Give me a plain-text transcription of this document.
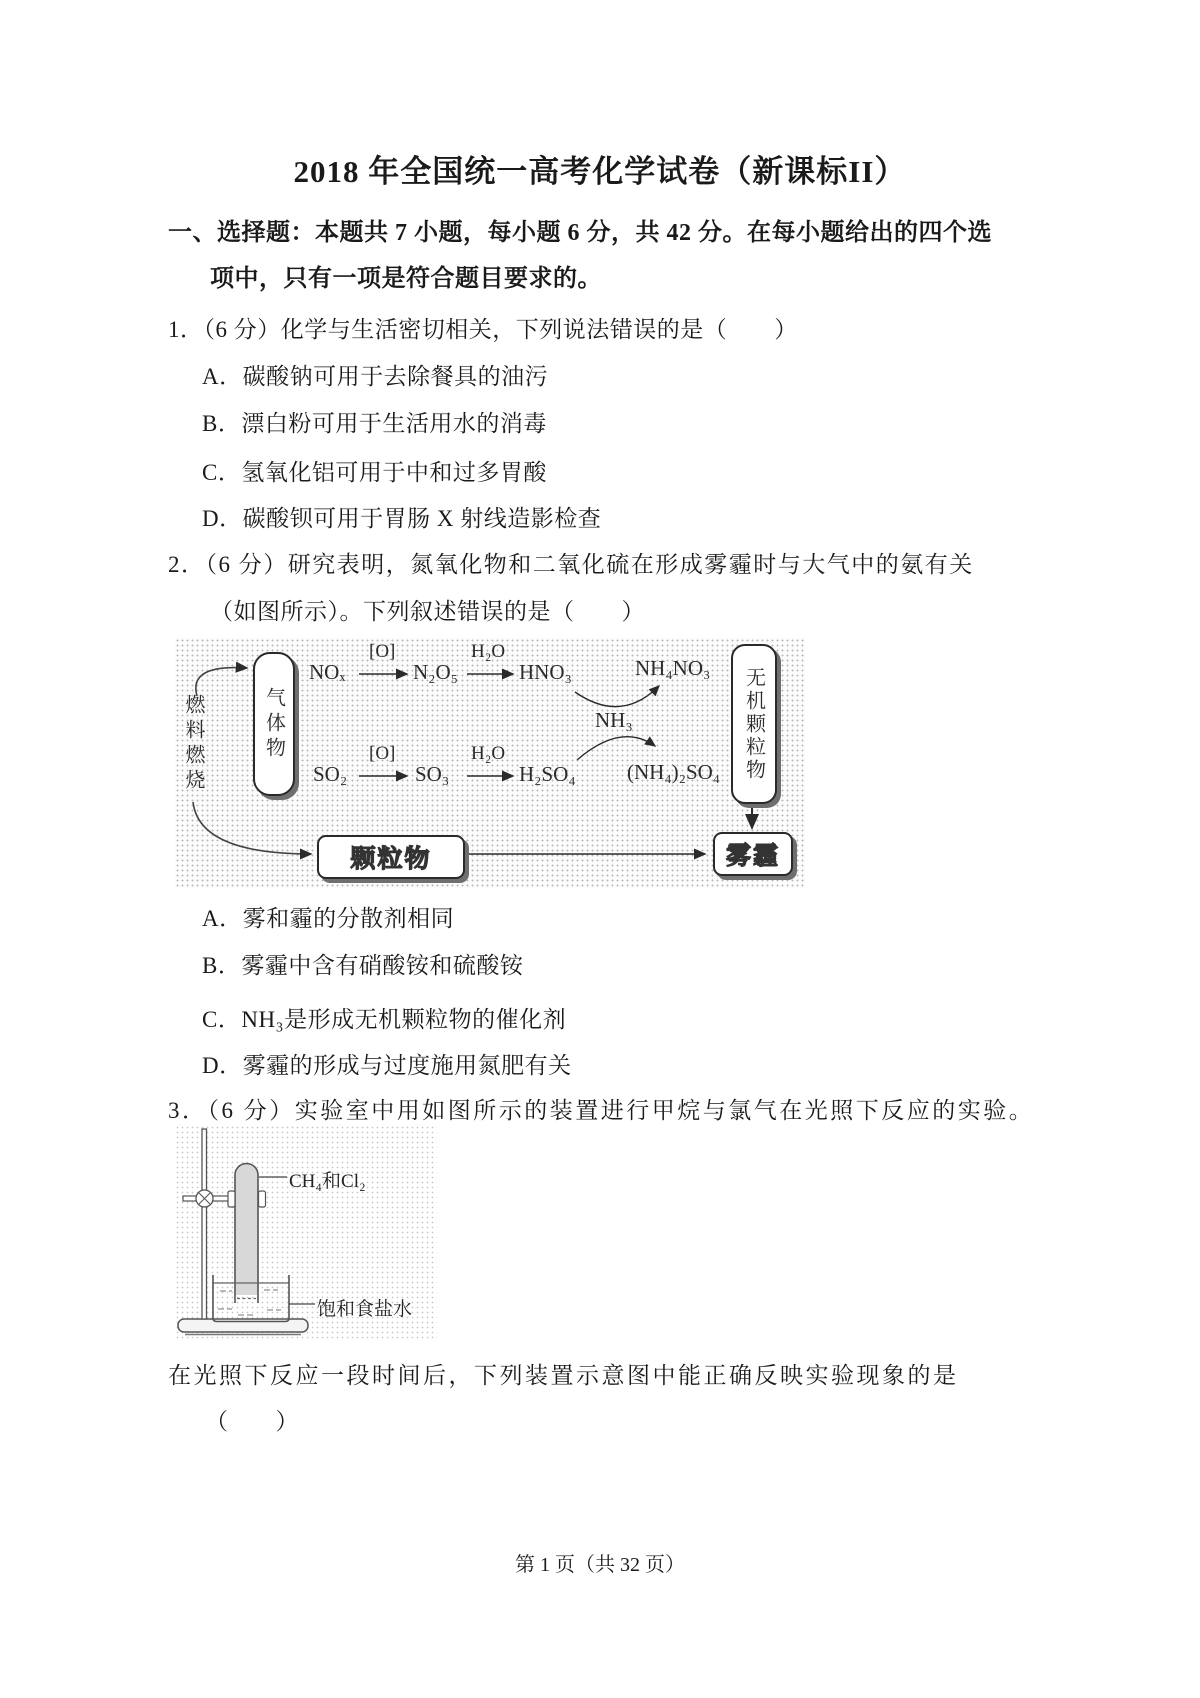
2018 年全国统一高考化学试卷（新课标II）
一、选择题：本题共 7 小题，每小题 6 分，共 42 分。在每小题给出的四个选
项中，只有一项是符合题目要求的。
1．（6 分）化学与生活密切相关，下列说法错误的是（　　）
A．碳酸钠可用于去除餐具的油污
B．漂白粉可用于生活用水的消毒
C．氢氧化铝可用于中和过多胃酸
D．碳酸钡可用于胃肠 X 射线造影检查
2．（6 分）研究表明，氮氧化物和二氧化硫在形成雾霾时与大气中的氨有关
（如图所示）。下列叙述错误的是（　　）
燃料燃烧	气体物
NOₓ
[O]
N₂O₅
H₂O
HNO₃	NH₄NO₃
NH₃
SO₂
[O]
SO₃
H₂O
H₂SO₄ (NH₄)₂SO₄ 无机颗粒物
颗粒物	雾霾
A．雾和霾的分散剂相同
B．雾霾中含有硝酸铵和硫酸铵
C．NH₃是形成无机颗粒物的催化剂
D．雾霾的形成与过度施用氮肥有关
3．（6 分）实验室中用如图所示的装置进行甲烷与氯气在光照下反应的实验。
CH₄和Cl₂
饱和食盐水
在光照下反应一段时间后，下列装置示意图中能正确反映实验现象的是
（　　）
第 1 页（共 32 页）
